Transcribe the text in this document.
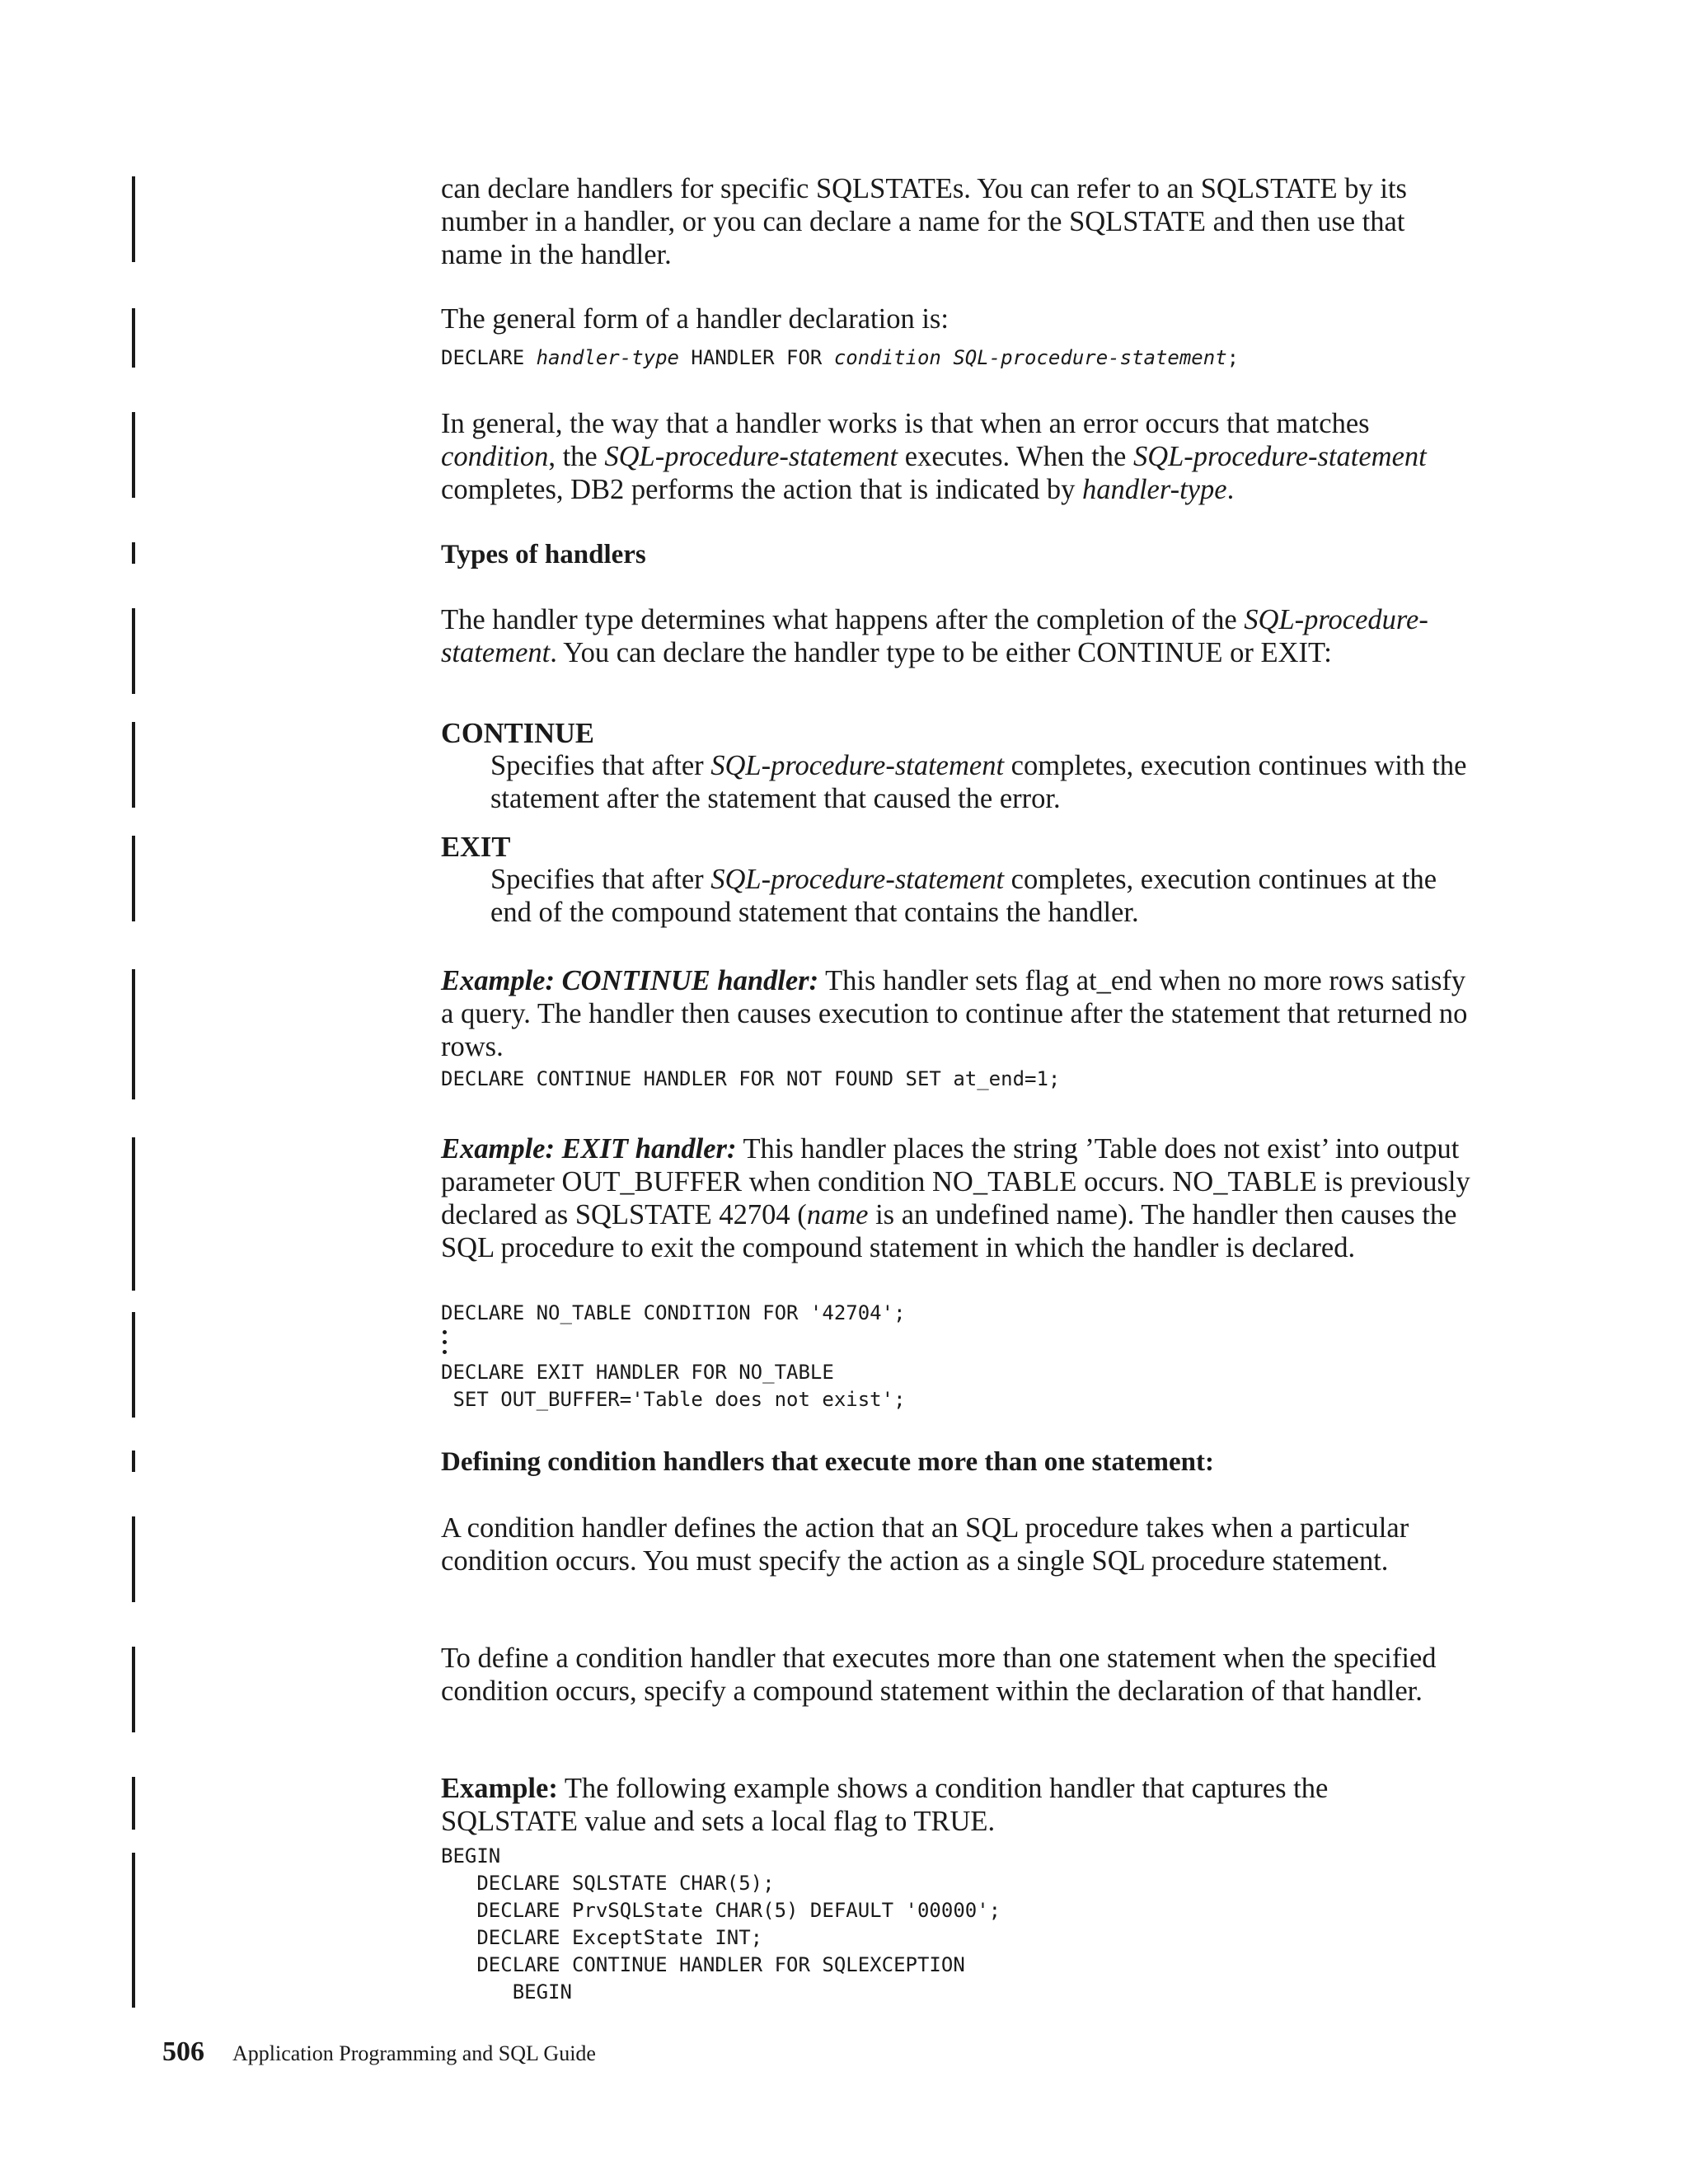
can declare handlers for specific SQLSTATEs. You can refer to an SQLSTATE by its number in a handler, or you can declare a name for the SQLSTATE and then use that name in the handler.

The general form of a handler declaration is:

DECLARE handler-type HANDLER FOR condition SQL-procedure-statement;

In general, the way that a handler works is that when an error occurs that matches condition, the SQL-procedure-statement executes. When the SQL-procedure-statement completes, DB2 performs the action that is indicated by handler-type.

Types of handlers

The handler type determines what happens after the completion of the SQL-procedure-statement. You can declare the handler type to be either CONTINUE or EXIT:

CONTINUE

Specifies that after SQL-procedure-statement completes, execution continues with the statement after the statement that caused the error.

EXIT

Specifies that after SQL-procedure-statement completes, execution continues at the end of the compound statement that contains the handler.

Example: CONTINUE handler: This handler sets flag at_end when no more rows satisfy a query. The handler then causes execution to continue after the statement that returned no rows.

DECLARE CONTINUE HANDLER FOR NOT FOUND SET at_end=1;

Example: EXIT handler: This handler places the string ’Table does not exist’ into output parameter OUT_BUFFER when condition NO_TABLE occurs. NO_TABLE is previously declared as SQLSTATE 42704 (name is an undefined name). The handler then causes the SQL procedure to exit the compound statement in which the handler is declared.

DECLARE NO_TABLE CONDITION FOR '42704';
DECLARE EXIT HANDLER FOR NO_TABLE
SET OUT_BUFFER='Table does not exist';
Defining condition handlers that execute more than one statement:

A condition handler defines the action that an SQL procedure takes when a particular condition occurs. You must specify the action as a single SQL procedure statement.

To define a condition handler that executes more than one statement when the specified condition occurs, specify a compound statement within the declaration of that handler.

Example: The following example shows a condition handler that captures the SQLSTATE value and sets a local flag to TRUE.

BEGIN
DECLARE SQLSTATE CHAR(5);
DECLARE PrvSQLState CHAR(5) DEFAULT '00000';
DECLARE ExceptState INT;
DECLARE CONTINUE HANDLER FOR SQLEXCEPTION
BEGIN
506 Application Programming and SQL Guide
